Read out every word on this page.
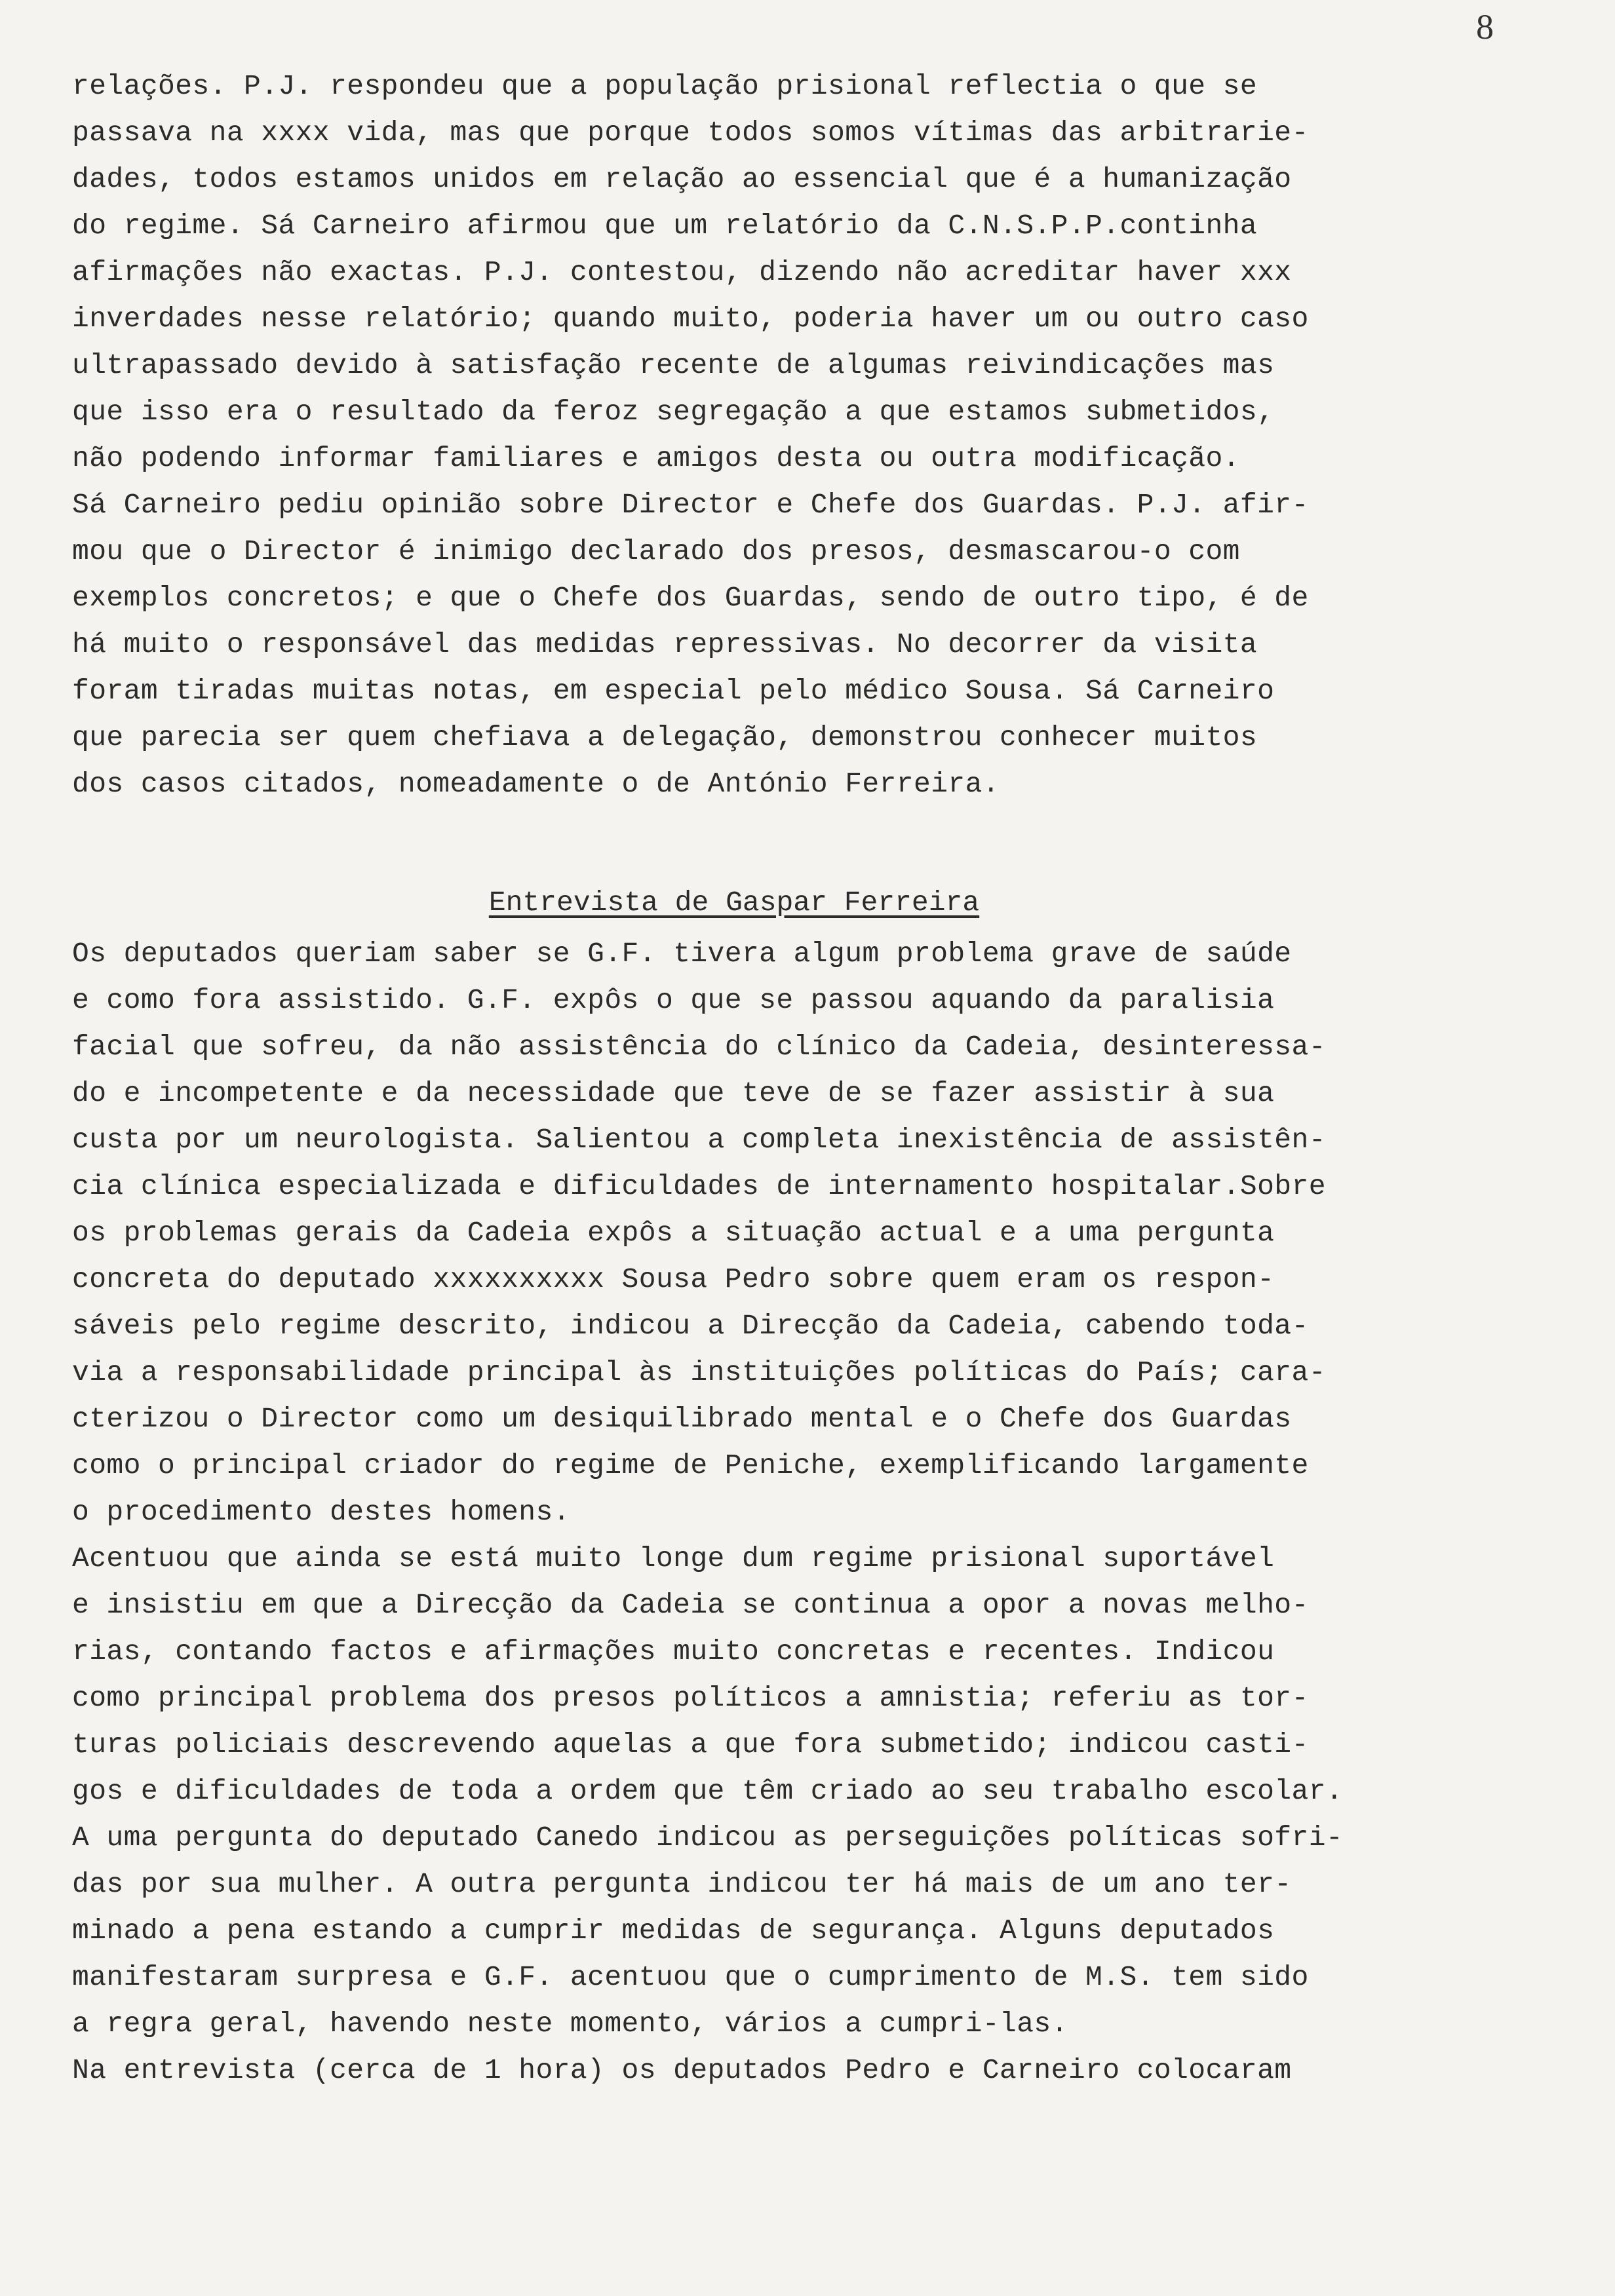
8
relações. P.J. respondeu que a população prisional reflectia o que se
passava na xxxx vida, mas que porque todos somos vítimas das arbitrarie-
dades, todos estamos unidos em relação ao essencial que é a humanização
do regime. Sá Carneiro afirmou que um relatório da C.N.S.P.P.continha
afirmações não exactas. P.J. contestou, dizendo não acreditar haver xxx
inverdades nesse relatório; quando muito, poderia haver um ou outro caso
ultrapassado devido à satisfação recente de algumas reivindicações mas
que isso era o resultado da feroz segregação a que estamos submetidos,
não podendo informar familiares e amigos desta ou outra modificação.
Sá Carneiro pediu opinião sobre Director e Chefe dos Guardas. P.J. afir-
mou que o Director é inimigo declarado dos presos, desmascarou-o com
exemplos concretos; e que o Chefe dos Guardas, sendo de outro tipo, é de
há muito o responsável das medidas repressivas. No decorrer da visita
foram tiradas muitas notas, em especial pelo médico Sousa. Sá Carneiro
que parecia ser quem chefiava a delegação, demonstrou conhecer muitos
dos casos citados, nomeadamente o de António Ferreira.
Entrevista de Gaspar Ferreira
Os deputados queriam saber se G.F. tivera algum problema grave de saúde
e como fora assistido. G.F. expôs o que se passou aquando da paralisia
facial que sofreu, da não assistência do clínico da Cadeia, desinteressa-
do e incompetente e da necessidade que teve de se fazer assistir à sua
custa por um neurologista. Salientou a completa inexistência de assistên-
cia clínica especializada e dificuldades de internamento hospitalar.Sobre
os problemas gerais da Cadeia expôs a situação actual e a uma pergunta
concreta do deputado xxxxxxxxxx Sousa Pedro sobre quem eram os respon-
sáveis pelo regime descrito, indicou a Direcção da Cadeia, cabendo toda-
via a responsabilidade principal às instituições políticas do País; cara-
cterizou o Director como um desiquilibrado mental e o Chefe dos Guardas
como o principal criador do regime de Peniche, exemplificando largamente
o procedimento destes homens.
Acentuou que ainda se está muito longe dum regime prisional suportável
e insistiu em que a Direcção da Cadeia se continua a opor a novas melho-
rias, contando factos e afirmações muito concretas e recentes. Indicou
como principal problema dos presos políticos a amnistia; referiu as tor-
turas policiais descrevendo aquelas a que fora submetido; indicou casti-
gos e dificuldades de toda a ordem que têm criado ao seu trabalho escolar.
A uma pergunta do deputado Canedo indicou as perseguições políticas sofri-
das por sua mulher. A outra pergunta indicou ter há mais de um ano ter-
minado a pena estando a cumprir medidas de segurança. Alguns deputados
manifestaram surpresa e G.F. acentuou que o cumprimento de M.S. tem sido
a regra geral, havendo neste momento, vários a cumpri-las.
Na entrevista (cerca de 1 hora) os deputados Pedro e Carneiro colocaram
